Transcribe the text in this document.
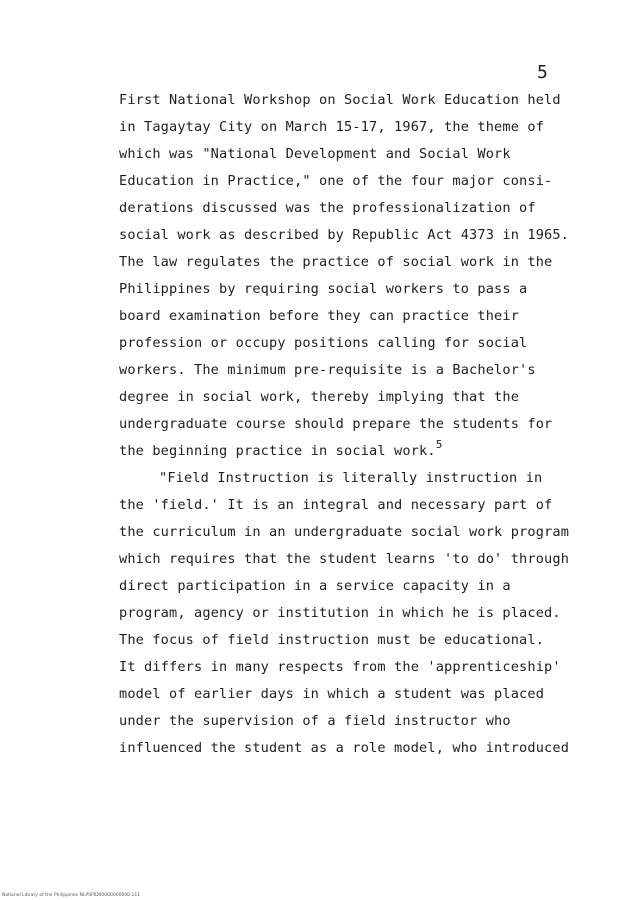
5
First National Workshop on Social Work Education held
in Tagaytay City on March 15-17, 1967, the theme of
which was "National Development and Social Work
Education in Practice," one of the four major consi-
derations discussed was the professionalization of
social work as described by Republic Act 4373 in 1965.
The law regulates the practice of social work in the
Philippines by requiring social workers to pass a
board examination before they can practice their
profession or occupy positions calling for social
workers. The minimum pre-requisite is a Bachelor's
degree in social work, thereby implying that the
undergraduate course should prepare the students for
the beginning practice in social work.$^5$
"Field Instruction is literally instruction in
the 'field.' It is an integral and necessary part of
the curriculum in an undergraduate social work program
which requires that the student learns 'to do' through
direct participation in a service capacity in a
program, agency or institution in which he is placed.
The focus of field instruction must be educational.
It differs in many respects from the 'apprenticeship'
model of earlier days in which a student was placed
under the supervision of a field instructor who
influenced the student as a role model, who introduced
National Library of the Philippines NLPSPID00000000000 111
